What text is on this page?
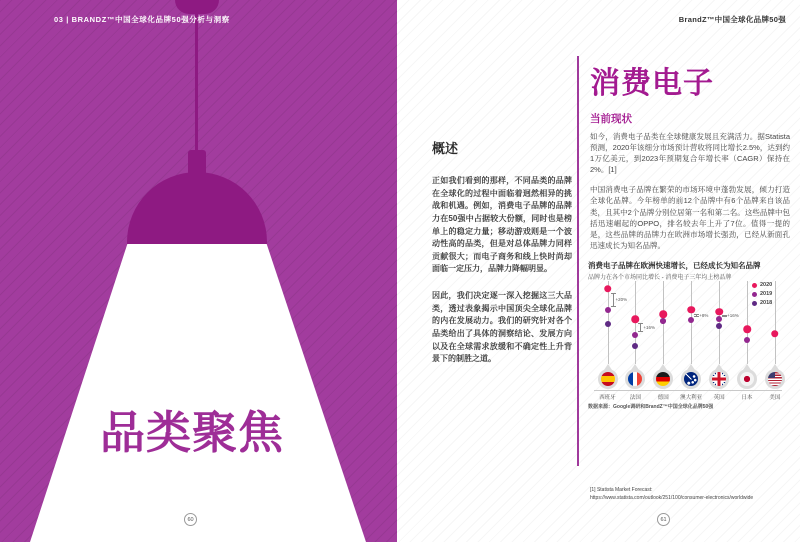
03 | BRANDZ™中国全球化品牌50强分析与洞察
品类聚焦
60
BrandZ™中国全球化品牌50强
概述

正如我们看到的那样，不同品类的品牌在全球化的过程中面临着迥然相异的挑战和机遇。例如，消费电子品牌的品牌力在50强中占据较大份额，同时也是榜单上的稳定力量；移动游戏则是一个波动性高的品类，但是对总体品牌力同样贡献很大；而电子商务和线上快时尚却面临一定压力，品牌力降幅明显。

因此，我们决定逐一深入挖掘这三大品类，透过表象揭示中国顶尖全球化品牌的内在发展动力。我们的研究针对各个品类给出了具体的洞察结论、发展方向以及在全球需求放缓和不确定性上升背景下的制胜之道。

消费电子
当前现状

如今，消费电子品类在全球健康发展且充满活力。据Statista预测，2020年该细分市场预计营收将同比增长2.5%，达到约1万亿美元，到2023年预期复合年增长率（CAGR）保持在2%。[1]

中国消费电子品牌在繁荣的市场环境中蓬勃发展，倾力打造全球化品牌。今年榜单的前12个品牌中有6个品牌来自该品类，且其中2个品牌分别位居第一名和第二名。这些品牌中包括迅速崛起的OPPO，排名较去年上升了7位。值得一提的是，这些品牌的品牌力在欧洲市场增长强劲，已经从新面孔迅速成长为知名品牌。

消费电子品牌在欧洲快速增长，已经成长为知名品牌

品牌力在各个市场同比增长 - 消费电子三年均上榜品牌

西班牙	法国	德国	澳大利亚	英国	日本	美国
+20%
+16%
+8%	+16%
2020
2019
2018
数据来源：Google调研和BrandZ™中国全球化品牌50强
[1] Statista Market Forecast:
https://www.statista.com/outlook/251/100/consumer-electronics/worldwide
61
